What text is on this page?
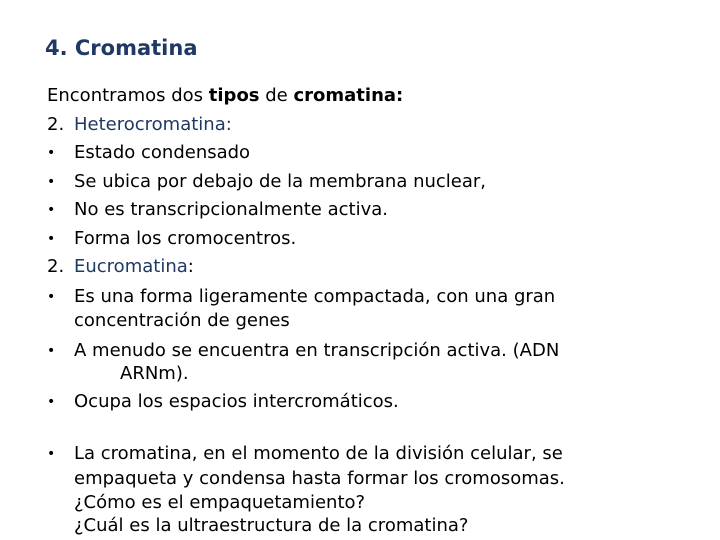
4. Cromatina
Encontramos dos tipos de cromatina:
2. Heterocromatina:
•	Estado condensado
•	Se ubica por debajo de la membrana nuclear,
•	No es transcripcionalmente activa.
•	Forma los cromocentros.
2. Eucromatina:
•	Es una forma ligeramente compactada, con una gran
concentración de genes
•	A menudo se encuentra en transcripción activa. (ADN
ARNm).
•	Ocupa los espacios intercromáticos.
•	La cromatina, en el momento de la división celular, se
empaqueta y condensa hasta formar los cromosomas.
¿Cómo es el empaquetamiento?
¿Cuál es la ultraestructura de la cromatina?
